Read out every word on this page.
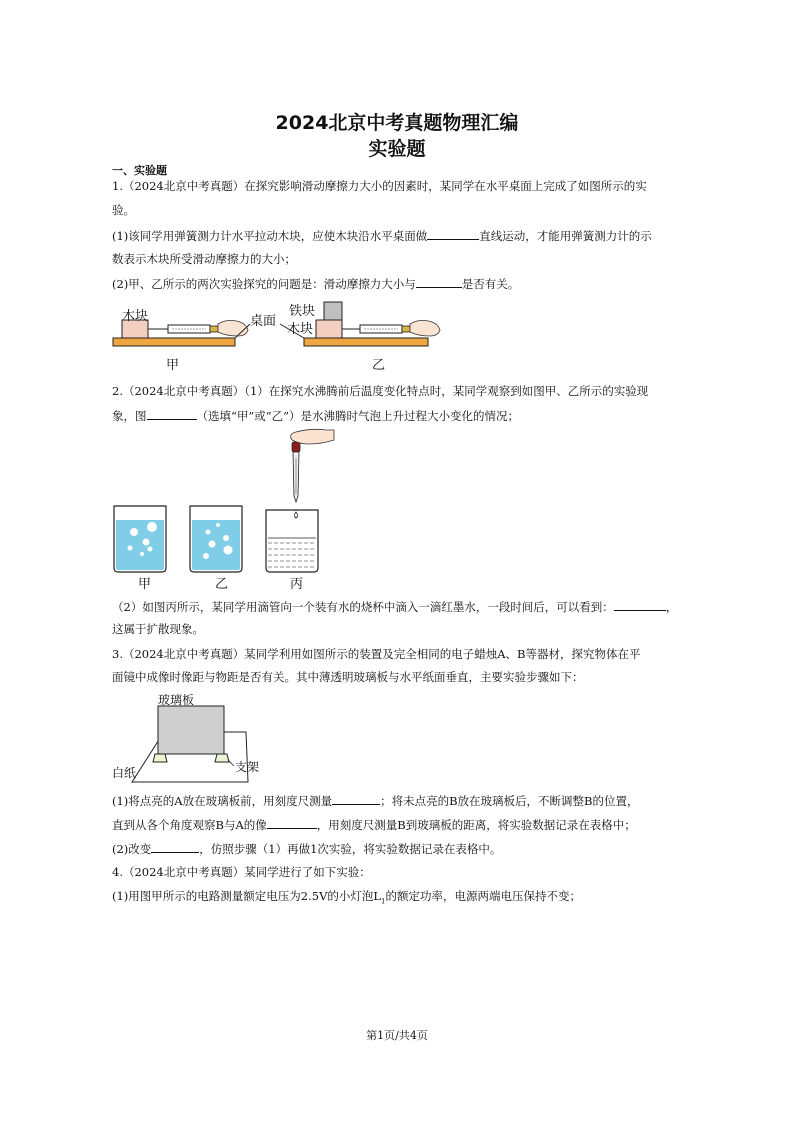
2024北京中考真题物理汇编
实验题
一、实验题
1.（2024北京中考真题）在探究影响滑动摩擦力大小的因素时，某同学在水平桌面上完成了如图所示的实
验。
(1)该同学用弹簧测力计水平拉动木块，应使木块沿水平桌面做	直线运动，才能用弹簧测力计的示
数表示木块所受滑动摩擦力的大小；
(2)甲、乙所示的两次实验探究的问题是：滑动摩擦力大小与	是否有关。
木块	桌面
铁块
木块
甲	乙
2.（2024北京中考真题）（1）在探究水沸腾前后温度变化特点时，某同学观察到如图甲、乙所示的实验现
象，图	（选填“甲”或“乙”）是水沸腾时气泡上升过程大小变化的情况；
甲	乙	丙
（2）如图丙所示，某同学用滴管向一个装有水的烧杯中滴入一滴红墨水，一段时间后，可以看到：	，
这属于扩散现象。
3.（2024北京中考真题）某同学利用如图所示的装置及完全相同的电子蜡烛A、B等器材，探究物体在平
面镜中成像时像距与物距是否有关。其中薄透明玻璃板与水平纸面垂直，主要实验步骤如下：
玻璃板
白纸	支架
(1)将点亮的A放在玻璃板前，用刻度尺测量	；将未点亮的B放在玻璃板后，不断调整B的位置，
直到从各个角度观察B与A的像	，用刻度尺测量B到玻璃板的距离，将实验数据记录在表格中；
(2)改变	，仿照步骤（1）再做1次实验，将实验数据记录在表格中。
4.（2024北京中考真题）某同学进行了如下实验：
(1)用图甲所示的电路测量额定电压为2.5V的小灯泡$L_1$的额定功率，电源两端电压保持不变；
第1页/共4页
